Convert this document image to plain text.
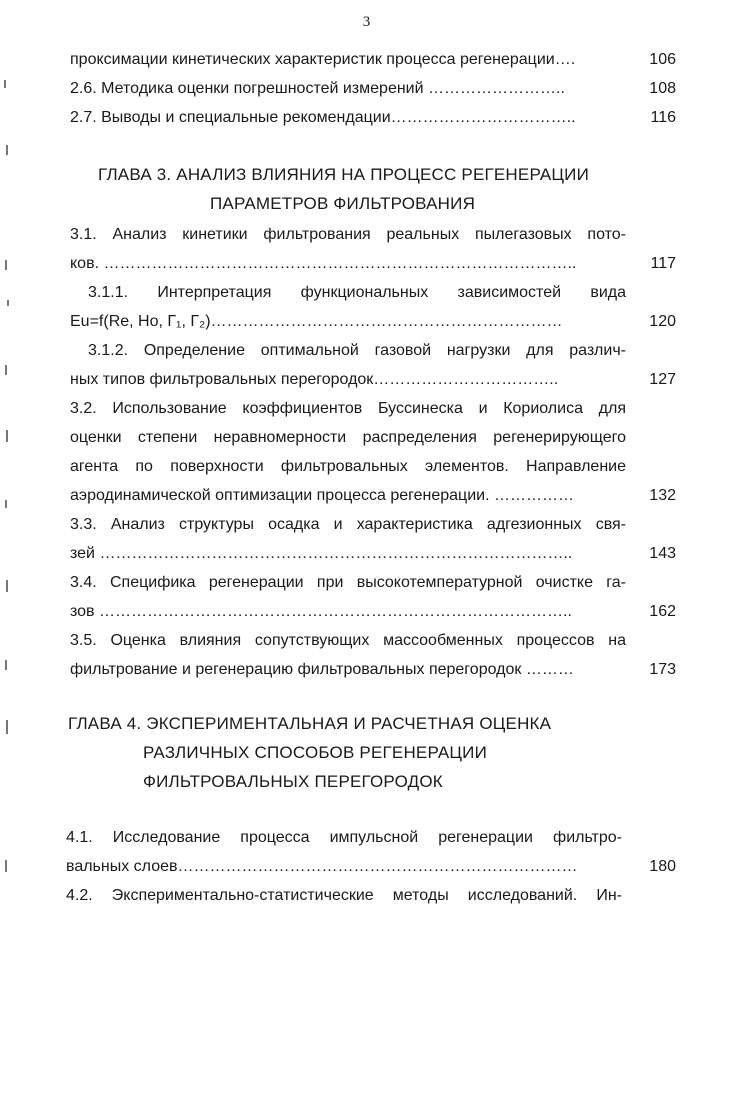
3
проксимации кинетических характеристик процесса регенерации….	106
2.6. Методика оценки погрешностей измерений ……………………..	108
2.7. Выводы и специальные рекомендации……………………………..	116
ГЛАВА 3. АНАЛИЗ ВЛИЯНИЯ НА ПРОЦЕСС РЕГЕНЕРАЦИИ
ПАРАМЕТРОВ ФИЛЬТРОВАНИЯ
3.1. Анализ кинетики фильтрования реальных пылегазовых пото-
ков. ……………………………………………………………………………..	117
3.1.1. Интерпретация функциональных зависимостей вида
Eu=f(Re, Ho, Г₁, Г₂)…………………………………………………………	120
3.1.2. Определение оптимальной газовой нагрузки для различ-
ных типов фильтровальных перегородок……………………………..	127
3.2. Использование коэффициентов Буссинеска и Кориолиса для
оценки степени неравномерности распределения регенерирующего
агента по поверхности фильтровальных элементов. Направление
аэродинамической оптимизации процесса регенерации. ……………	132
3.3. Анализ структуры осадка и характеристика адгезионных свя-
зей ……………………………………………………………………………..	143
3.4. Специфика регенерации при высокотемпературной очистке га-
зов ……………………………………………………………………………..	162
3.5. Оценка влияния сопутствующих массообменных процессов на
фильтрование и регенерацию фильтровальных перегородок ………	173
ГЛАВА 4. ЭКСПЕРИМЕНТАЛЬНАЯ И РАСЧЕТНАЯ ОЦЕНКА
РАЗЛИЧНЫХ СПОСОБОВ РЕГЕНЕРАЦИИ
ФИЛЬТРОВАЛЬНЫХ ПЕРЕГОРОДОК
4.1. Исследование процесса импульсной регенерации фильтро-
вальных слоев…………………………………………………………………	180
4.2. Экспериментально-статистические методы исследований. Ин-
